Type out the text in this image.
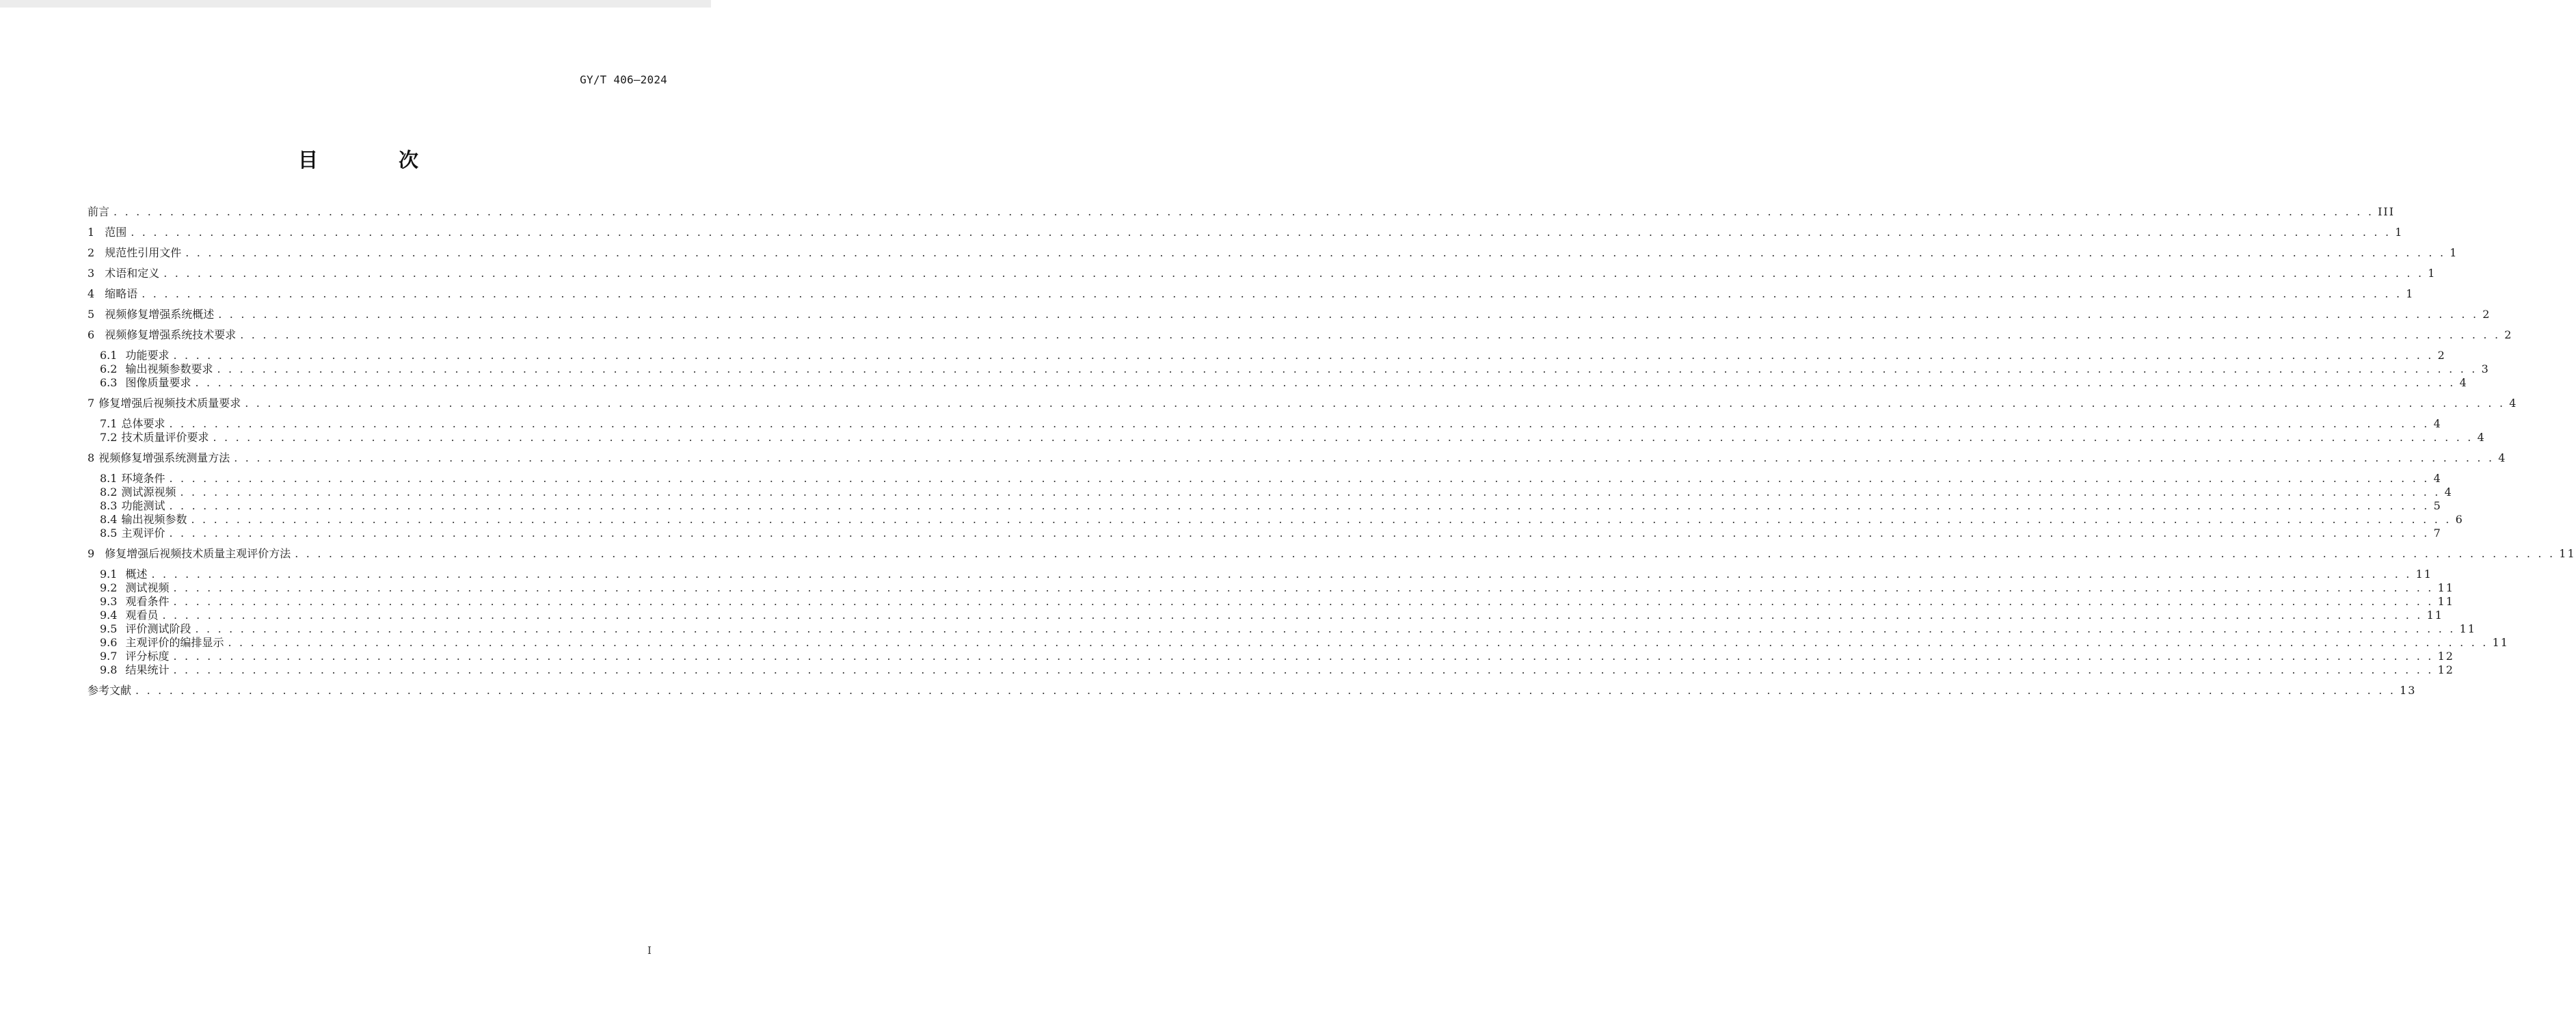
GY/T 406—2024
目 次
前言 . . . . . . . . . . . . . . . . . . . . . . . . . . . . . . . . . . . . . . . . . . . . . . . . . . . . . . . . . . . . . . . . . . . . . . . . . . . . . . . . . . . . . . . . . . . . . . . . . . . . . . . . . . . . . . . . . . . . . . . . . . . . . . . . . . . . . . . . . . . . . . . . . . . . . . . . . . . . . . . . . . . . . . . . . . . . . . . . . . . . . . . . . . . . . . . . . . . . . . . . III
1 范围 . . . . . . . . . . . . . . . . . . . . . . . . . . . . . . . . . . . . . . . . . . . . . . . . . . . . . . . . . . . . . . . . . . . . . . . . . . . . . . . . . . . . . . . . . . . . . . . . . . . . . . . . . . . . . . . . . . . . . . . . . . . . . . . . . . . . . . . . . . . . . . . . . . . . . . . . . . . . . . . . . . . . . . . . . . . . . . . . . . . . . . . . . . . . . . . . . . . . . . . . 1
2 规范性引用文件 . . . . . . . . . . . . . . . . . . . . . . . . . . . . . . . . . . . . . . . . . . . . . . . . . . . . . . . . . . . . . . . . . . . . . . . . . . . . . . . . . . . . . . . . . . . . . . . . . . . . . . . . . . . . . . . . . . . . . . . . . . . . . . . . . . . . . . . . . . . . . . . . . . . . . . . . . . . . . . . . . . . . . . . . . . . . . . . . . . . . . . . . . . . . . . . . . . . . . . . . 1
3 术语和定义 . . . . . . . . . . . . . . . . . . . . . . . . . . . . . . . . . . . . . . . . . . . . . . . . . . . . . . . . . . . . . . . . . . . . . . . . . . . . . . . . . . . . . . . . . . . . . . . . . . . . . . . . . . . . . . . . . . . . . . . . . . . . . . . . . . . . . . . . . . . . . . . . . . . . . . . . . . . . . . . . . . . . . . . . . . . . . . . . . . . . . . . . . . . . . . . . . . . . . . . . 1
4 缩略语 . . . . . . . . . . . . . . . . . . . . . . . . . . . . . . . . . . . . . . . . . . . . . . . . . . . . . . . . . . . . . . . . . . . . . . . . . . . . . . . . . . . . . . . . . . . . . . . . . . . . . . . . . . . . . . . . . . . . . . . . . . . . . . . . . . . . . . . . . . . . . . . . . . . . . . . . . . . . . . . . . . . . . . . . . . . . . . . . . . . . . . . . . . . . . . . . . . . . . . . . 1
5 视频修复增强系统概述 . . . . . . . . . . . . . . . . . . . . . . . . . . . . . . . . . . . . . . . . . . . . . . . . . . . . . . . . . . . . . . . . . . . . . . . . . . . . . . . . . . . . . . . . . . . . . . . . . . . . . . . . . . . . . . . . . . . . . . . . . . . . . . . . . . . . . . . . . . . . . . . . . . . . . . . . . . . . . . . . . . . . . . . . . . . . . . . . . . . . . . . . . . . . . . . . . . . . . . . . 2
6 视频修复增强系统技术要求 . . . . . . . . . . . . . . . . . . . . . . . . . . . . . . . . . . . . . . . . . . . . . . . . . . . . . . . . . . . . . . . . . . . . . . . . . . . . . . . . . . . . . . . . . . . . . . . . . . . . . . . . . . . . . . . . . . . . . . . . . . . . . . . . . . . . . . . . . . . . . . . . . . . . . . . . . . . . . . . . . . . . . . . . . . . . . . . . . . . . . . . . . . . . . . . . . . . . . . . . 2
6.1 功能要求 . . . . . . . . . . . . . . . . . . . . . . . . . . . . . . . . . . . . . . . . . . . . . . . . . . . . . . . . . . . . . . . . . . . . . . . . . . . . . . . . . . . . . . . . . . . . . . . . . . . . . . . . . . . . . . . . . . . . . . . . . . . . . . . . . . . . . . . . . . . . . . . . . . . . . . . . . . . . . . . . . . . . . . . . . . . . . . . . . . . . . . . . . . . . . . . . . . . . . . . . 2
6.2 输出视频参数要求 . . . . . . . . . . . . . . . . . . . . . . . . . . . . . . . . . . . . . . . . . . . . . . . . . . . . . . . . . . . . . . . . . . . . . . . . . . . . . . . . . . . . . . . . . . . . . . . . . . . . . . . . . . . . . . . . . . . . . . . . . . . . . . . . . . . . . . . . . . . . . . . . . . . . . . . . . . . . . . . . . . . . . . . . . . . . . . . . . . . . . . . . . . . . . . . . . . . . . . . . 3
6.3 图像质量要求 . . . . . . . . . . . . . . . . . . . . . . . . . . . . . . . . . . . . . . . . . . . . . . . . . . . . . . . . . . . . . . . . . . . . . . . . . . . . . . . . . . . . . . . . . . . . . . . . . . . . . . . . . . . . . . . . . . . . . . . . . . . . . . . . . . . . . . . . . . . . . . . . . . . . . . . . . . . . . . . . . . . . . . . . . . . . . . . . . . . . . . . . . . . . . . . . . . . . . . . . 4
7 修复增强后视频技术质量要求 . . . . . . . . . . . . . . . . . . . . . . . . . . . . . . . . . . . . . . . . . . . . . . . . . . . . . . . . . . . . . . . . . . . . . . . . . . . . . . . . . . . . . . . . . . . . . . . . . . . . . . . . . . . . . . . . . . . . . . . . . . . . . . . . . . . . . . . . . . . . . . . . . . . . . . . . . . . . . . . . . . . . . . . . . . . . . . . . . . . . . . . . . . . . . . . . . . . . . . . . 4
7.1 总体要求 . . . . . . . . . . . . . . . . . . . . . . . . . . . . . . . . . . . . . . . . . . . . . . . . . . . . . . . . . . . . . . . . . . . . . . . . . . . . . . . . . . . . . . . . . . . . . . . . . . . . . . . . . . . . . . . . . . . . . . . . . . . . . . . . . . . . . . . . . . . . . . . . . . . . . . . . . . . . . . . . . . . . . . . . . . . . . . . . . . . . . . . . . . . . . . . . . . . . . . . . 4
7.2 技术质量评价要求 . . . . . . . . . . . . . . . . . . . . . . . . . . . . . . . . . . . . . . . . . . . . . . . . . . . . . . . . . . . . . . . . . . . . . . . . . . . . . . . . . . . . . . . . . . . . . . . . . . . . . . . . . . . . . . . . . . . . . . . . . . . . . . . . . . . . . . . . . . . . . . . . . . . . . . . . . . . . . . . . . . . . . . . . . . . . . . . . . . . . . . . . . . . . . . . . . . . . . . . . 4
8 视频修复增强系统测量方法 . . . . . . . . . . . . . . . . . . . . . . . . . . . . . . . . . . . . . . . . . . . . . . . . . . . . . . . . . . . . . . . . . . . . . . . . . . . . . . . . . . . . . . . . . . . . . . . . . . . . . . . . . . . . . . . . . . . . . . . . . . . . . . . . . . . . . . . . . . . . . . . . . . . . . . . . . . . . . . . . . . . . . . . . . . . . . . . . . . . . . . . . . . . . . . . . . . . . . . . . 4
8.1 环境条件 . . . . . . . . . . . . . . . . . . . . . . . . . . . . . . . . . . . . . . . . . . . . . . . . . . . . . . . . . . . . . . . . . . . . . . . . . . . . . . . . . . . . . . . . . . . . . . . . . . . . . . . . . . . . . . . . . . . . . . . . . . . . . . . . . . . . . . . . . . . . . . . . . . . . . . . . . . . . . . . . . . . . . . . . . . . . . . . . . . . . . . . . . . . . . . . . . . . . . . . . 4
8.2 测试源视频 . . . . . . . . . . . . . . . . . . . . . . . . . . . . . . . . . . . . . . . . . . . . . . . . . . . . . . . . . . . . . . . . . . . . . . . . . . . . . . . . . . . . . . . . . . . . . . . . . . . . . . . . . . . . . . . . . . . . . . . . . . . . . . . . . . . . . . . . . . . . . . . . . . . . . . . . . . . . . . . . . . . . . . . . . . . . . . . . . . . . . . . . . . . . . . . . . . . . . . . . 4
8.3 功能测试 . . . . . . . . . . . . . . . . . . . . . . . . . . . . . . . . . . . . . . . . . . . . . . . . . . . . . . . . . . . . . . . . . . . . . . . . . . . . . . . . . . . . . . . . . . . . . . . . . . . . . . . . . . . . . . . . . . . . . . . . . . . . . . . . . . . . . . . . . . . . . . . . . . . . . . . . . . . . . . . . . . . . . . . . . . . . . . . . . . . . . . . . . . . . . . . . . . . . . . . . 5
8.4 输出视频参数 . . . . . . . . . . . . . . . . . . . . . . . . . . . . . . . . . . . . . . . . . . . . . . . . . . . . . . . . . . . . . . . . . . . . . . . . . . . . . . . . . . . . . . . . . . . . . . . . . . . . . . . . . . . . . . . . . . . . . . . . . . . . . . . . . . . . . . . . . . . . . . . . . . . . . . . . . . . . . . . . . . . . . . . . . . . . . . . . . . . . . . . . . . . . . . . . . . . . . . . . 6
8.5 主观评价 . . . . . . . . . . . . . . . . . . . . . . . . . . . . . . . . . . . . . . . . . . . . . . . . . . . . . . . . . . . . . . . . . . . . . . . . . . . . . . . . . . . . . . . . . . . . . . . . . . . . . . . . . . . . . . . . . . . . . . . . . . . . . . . . . . . . . . . . . . . . . . . . . . . . . . . . . . . . . . . . . . . . . . . . . . . . . . . . . . . . . . . . . . . . . . . . . . . . . . . . 7
9 修复增强后视频技术质量主观评价方法 . . . . . . . . . . . . . . . . . . . . . . . . . . . . . . . . . . . . . . . . . . . . . . . . . . . . . . . . . . . . . . . . . . . . . . . . . . . . . . . . . . . . . . . . . . . . . . . . . . . . . . . . . . . . . . . . . . . . . . . . . . . . . . . . . . . . . . . . . . . . . . . . . . . . . . . . . . . . . . . . . . . . . . . . . . . . . . . . . . . . . . . . . . . . . . . . . . . . . . . . 11
9.1 概述 . . . . . . . . . . . . . . . . . . . . . . . . . . . . . . . . . . . . . . . . . . . . . . . . . . . . . . . . . . . . . . . . . . . . . . . . . . . . . . . . . . . . . . . . . . . . . . . . . . . . . . . . . . . . . . . . . . . . . . . . . . . . . . . . . . . . . . . . . . . . . . . . . . . . . . . . . . . . . . . . . . . . . . . . . . . . . . . . . . . . . . . . . . . . . . . . . . . . . . . . 11
9.2 测试视频 . . . . . . . . . . . . . . . . . . . . . . . . . . . . . . . . . . . . . . . . . . . . . . . . . . . . . . . . . . . . . . . . . . . . . . . . . . . . . . . . . . . . . . . . . . . . . . . . . . . . . . . . . . . . . . . . . . . . . . . . . . . . . . . . . . . . . . . . . . . . . . . . . . . . . . . . . . . . . . . . . . . . . . . . . . . . . . . . . . . . . . . . . . . . . . . . . . . . . . . . 11
9.3 观看条件 . . . . . . . . . . . . . . . . . . . . . . . . . . . . . . . . . . . . . . . . . . . . . . . . . . . . . . . . . . . . . . . . . . . . . . . . . . . . . . . . . . . . . . . . . . . . . . . . . . . . . . . . . . . . . . . . . . . . . . . . . . . . . . . . . . . . . . . . . . . . . . . . . . . . . . . . . . . . . . . . . . . . . . . . . . . . . . . . . . . . . . . . . . . . . . . . . . . . . . . . 11
9.4 观看员 . . . . . . . . . . . . . . . . . . . . . . . . . . . . . . . . . . . . . . . . . . . . . . . . . . . . . . . . . . . . . . . . . . . . . . . . . . . . . . . . . . . . . . . . . . . . . . . . . . . . . . . . . . . . . . . . . . . . . . . . . . . . . . . . . . . . . . . . . . . . . . . . . . . . . . . . . . . . . . . . . . . . . . . . . . . . . . . . . . . . . . . . . . . . . . . . . . . . . . . . 11
9.5 评价测试阶段 . . . . . . . . . . . . . . . . . . . . . . . . . . . . . . . . . . . . . . . . . . . . . . . . . . . . . . . . . . . . . . . . . . . . . . . . . . . . . . . . . . . . . . . . . . . . . . . . . . . . . . . . . . . . . . . . . . . . . . . . . . . . . . . . . . . . . . . . . . . . . . . . . . . . . . . . . . . . . . . . . . . . . . . . . . . . . . . . . . . . . . . . . . . . . . . . . . . . . . . . 11
9.6 主观评价的编排显示 . . . . . . . . . . . . . . . . . . . . . . . . . . . . . . . . . . . . . . . . . . . . . . . . . . . . . . . . . . . . . . . . . . . . . . . . . . . . . . . . . . . . . . . . . . . . . . . . . . . . . . . . . . . . . . . . . . . . . . . . . . . . . . . . . . . . . . . . . . . . . . . . . . . . . . . . . . . . . . . . . . . . . . . . . . . . . . . . . . . . . . . . . . . . . . . . . . . . . . . . 11
9.7 评分标度 . . . . . . . . . . . . . . . . . . . . . . . . . . . . . . . . . . . . . . . . . . . . . . . . . . . . . . . . . . . . . . . . . . . . . . . . . . . . . . . . . . . . . . . . . . . . . . . . . . . . . . . . . . . . . . . . . . . . . . . . . . . . . . . . . . . . . . . . . . . . . . . . . . . . . . . . . . . . . . . . . . . . . . . . . . . . . . . . . . . . . . . . . . . . . . . . . . . . . . . . 12
9.8 结果统计 . . . . . . . . . . . . . . . . . . . . . . . . . . . . . . . . . . . . . . . . . . . . . . . . . . . . . . . . . . . . . . . . . . . . . . . . . . . . . . . . . . . . . . . . . . . . . . . . . . . . . . . . . . . . . . . . . . . . . . . . . . . . . . . . . . . . . . . . . . . . . . . . . . . . . . . . . . . . . . . . . . . . . . . . . . . . . . . . . . . . . . . . . . . . . . . . . . . . . . . . 12
参考文献 . . . . . . . . . . . . . . . . . . . . . . . . . . . . . . . . . . . . . . . . . . . . . . . . . . . . . . . . . . . . . . . . . . . . . . . . . . . . . . . . . . . . . . . . . . . . . . . . . . . . . . . . . . . . . . . . . . . . . . . . . . . . . . . . . . . . . . . . . . . . . . . . . . . . . . . . . . . . . . . . . . . . . . . . . . . . . . . . . . . . . . . . . . . . . . . . . . . . . . . . 13
I
